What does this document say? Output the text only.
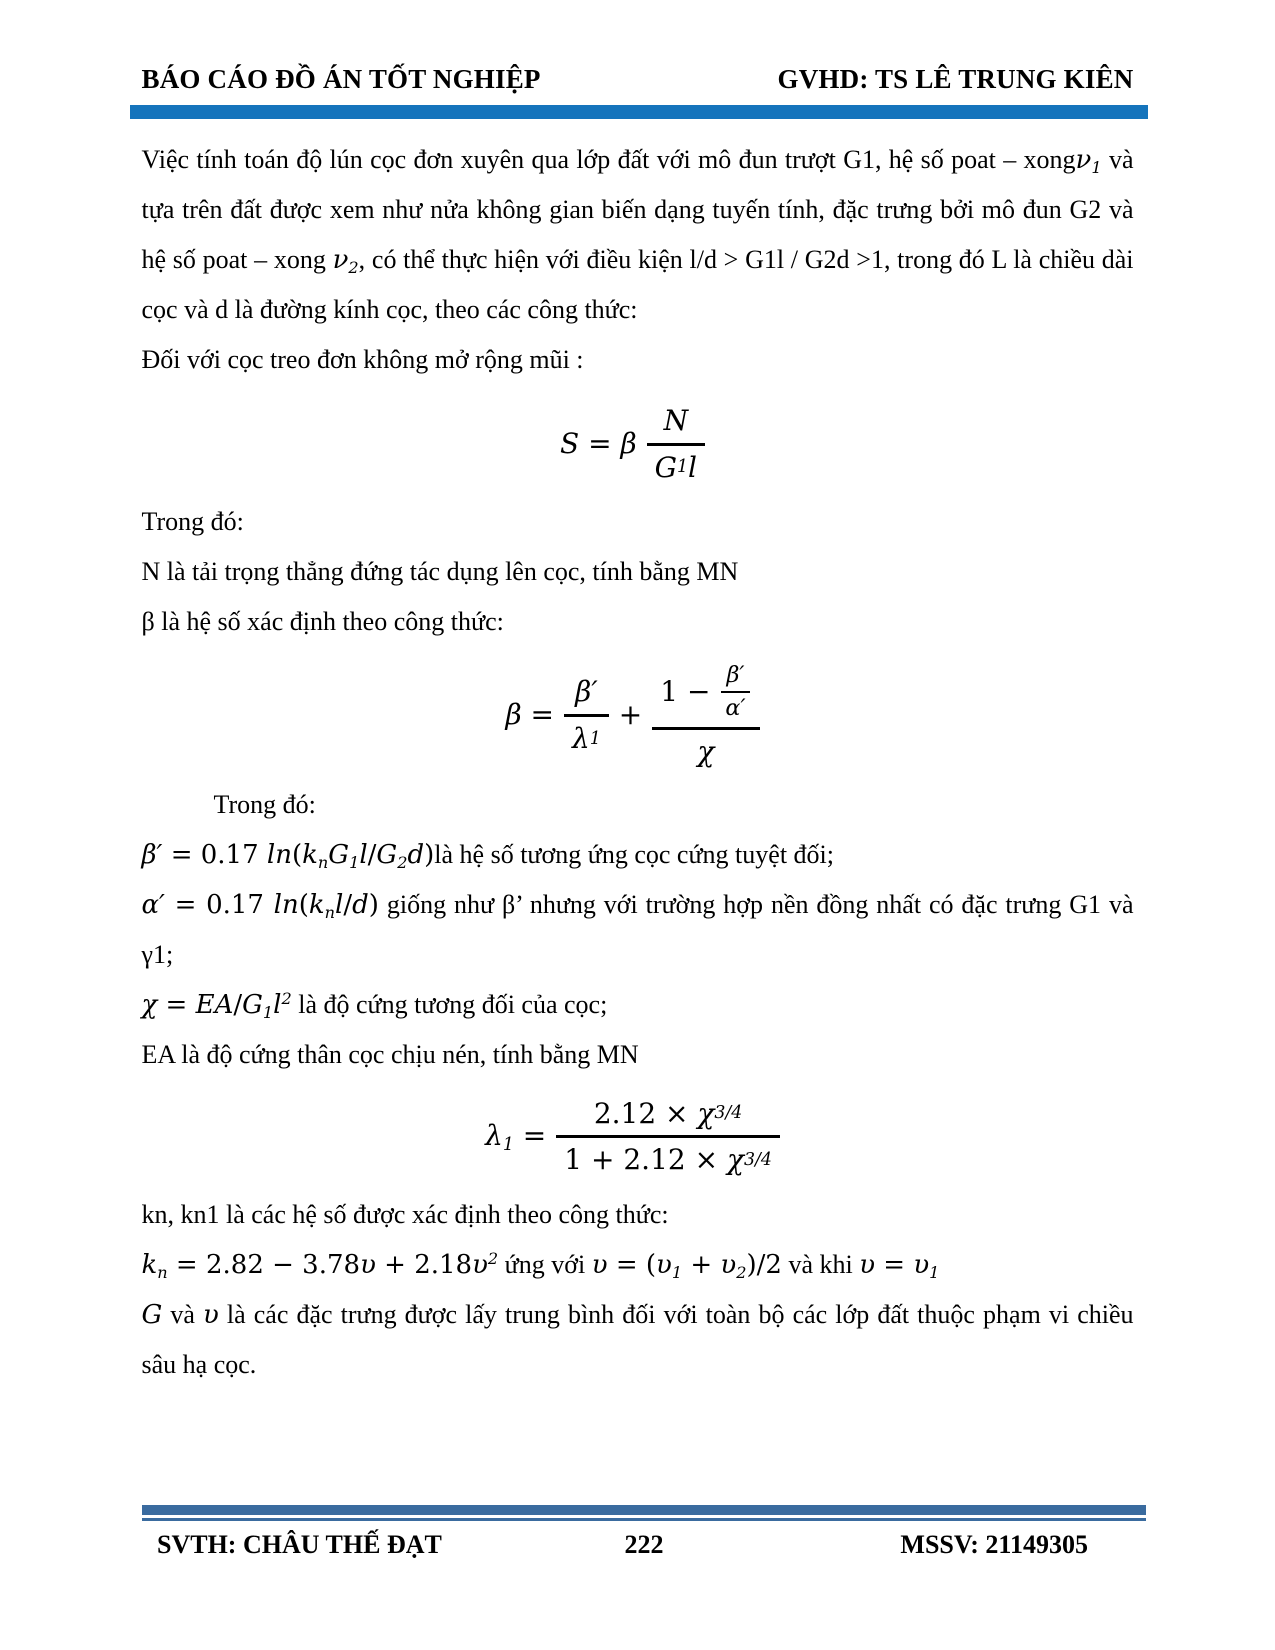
BÁO CÁO ĐỒ ÁN TỐT NGHIỆP	GVHD: TS LÊ TRUNG KIÊN

Việc tính toán độ lún cọc đơn xuyên qua lớp đất với mô đun trượt G1, hệ số poat – xongν$_1$ và tựa trên đất được xem như nửa không gian biến dạng tuyến tính, đặc trưng bởi mô đun G2 và hệ số poat – xong $\nu_2$, có thể thực hiện với điều kiện l/d > G1l / G2d >1, trong đó L là chiều dài cọc và d là đường kính cọc, theo các công thức:

Đối với cọc treo đơn không mở rộng mũi :

S = β $\frac{N}{G 1 l}$

Trong đó:

N là tải trọng thẳng đứng tác dụng lên cọc, tính bằng MN

β là hệ số xác định theo công thức:

$\beta = \frac{\beta'}{\lambda 1} + \frac{1 - \frac{\beta'}{\alpha'}}{\chi}$

Trong đó:

β′ = 0.17 $\ln(k_nG_1l/G_2d)là$ hệ số tương ứng cọc cứng tuyệt đối;

α′ = 0.17 $\ln(k_nl/d)$ giống như β’ nhưng với trường hợp nền đồng nhất có đặc trưng G1 và γ1;

$\chi = EA/G_1l^2$ là độ cứng tương đối của cọc;

EA là độ cứng thân cọc chịu nén, tính bằng MN

$\lambda_1 = \frac{2.12 \times \chi 3/4}{1 + 2.12 \times \chi 3/4}$

kn, kn1 là các hệ số được xác định theo công thức:

$k_n = 2.82 - 3.78\upsilon + 2.18\upsilon^2$ ứng với $\upsilon = (\upsilon_1 + \upsilon_2)/2$ và khi $\upsilon = \upsilon_1$

G và υ là các đặc trưng được lấy trung bình đối với toàn bộ các lớp đất thuộc phạm vi chiều sâu hạ cọc.

SVTH: CHÂU THẾ ĐẠT	222	MSSV: 21149305
